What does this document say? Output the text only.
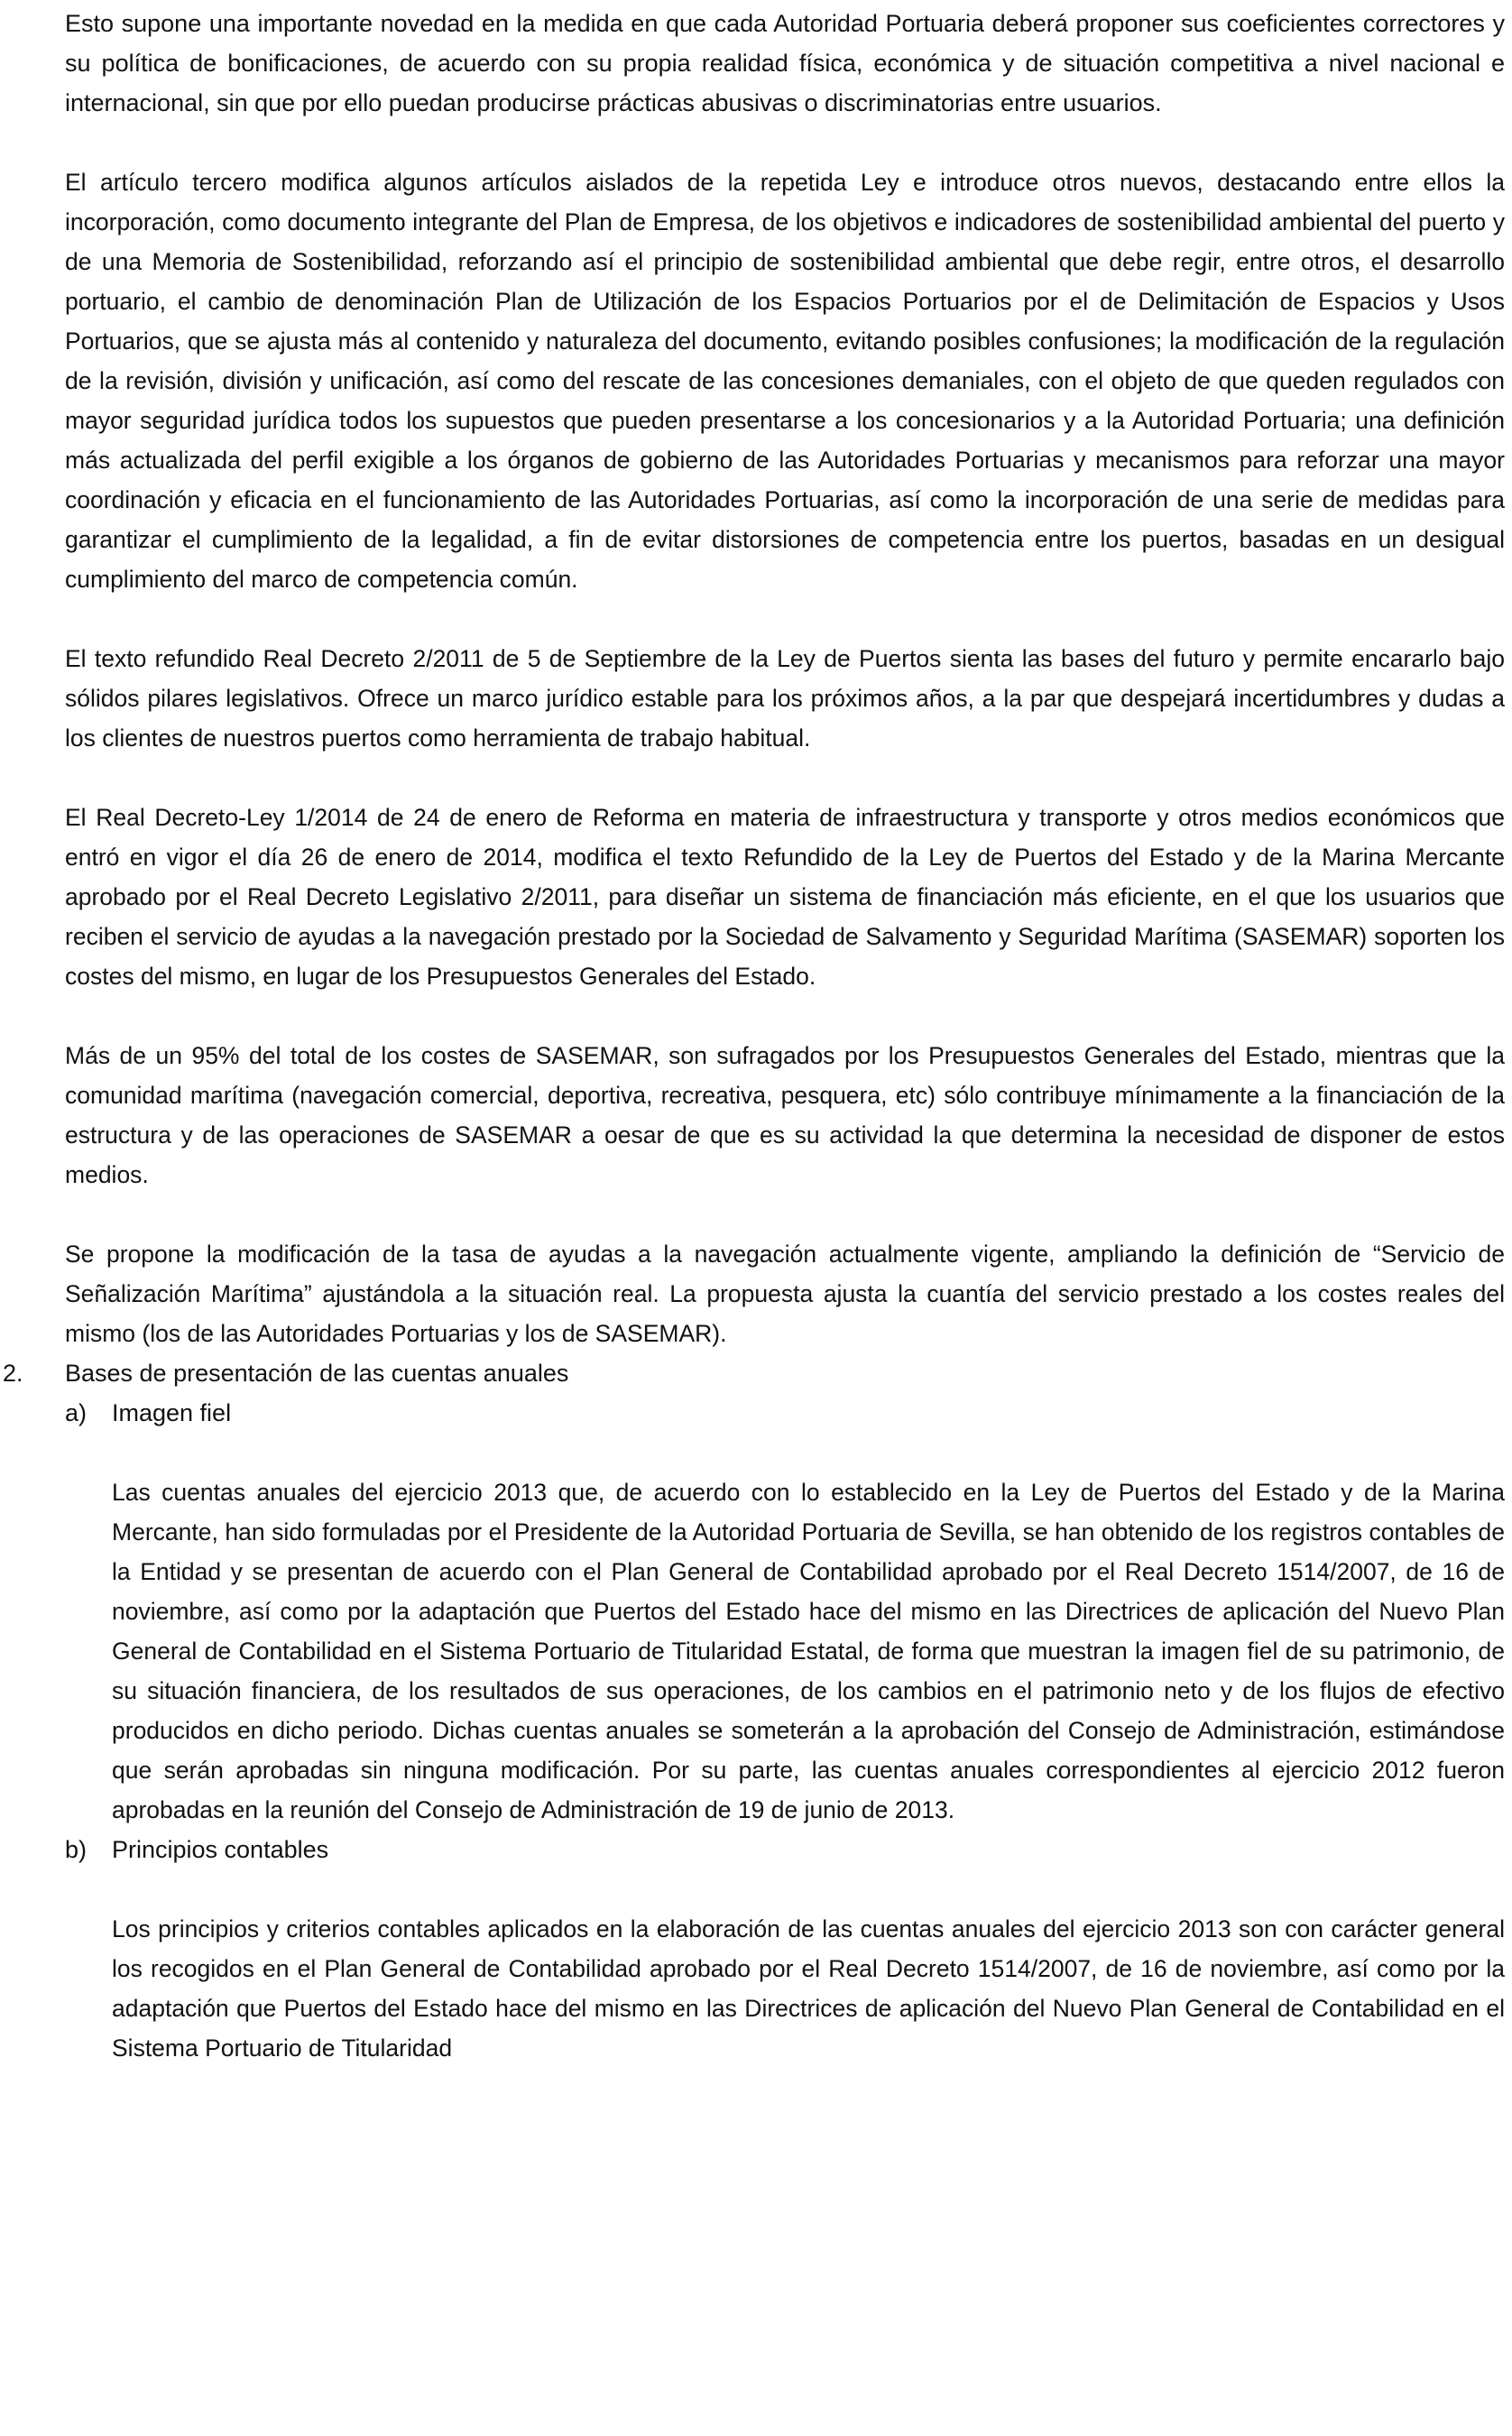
Esto supone una importante novedad en la medida en que cada Autoridad Portuaria deberá proponer sus coeficientes correctores y su política de bonificaciones, de acuerdo con su propia realidad física, económica y de situación competitiva a nivel nacional e internacional, sin que por ello puedan producirse prácticas abusivas o discriminatorias entre usuarios.

El artículo tercero modifica algunos artículos aislados de la repetida Ley e introduce otros nuevos, destacando entre ellos la incorporación, como documento integrante del Plan de Empresa, de los objetivos e indicadores de sostenibilidad ambiental del puerto y de una Memoria de Sostenibilidad, reforzando así el principio de sostenibilidad ambiental que debe regir, entre otros, el desarrollo portuario, el cambio de denominación Plan de Utilización de los Espacios Portuarios por el de Delimitación de Espacios y Usos Portuarios, que se ajusta más al contenido y naturaleza del documento, evitando posibles confusiones; la modificación de la regulación de la revisión, división y unificación, así como del rescate de las concesiones demaniales, con el objeto de que queden regulados con mayor seguridad jurídica todos los supuestos que pueden presentarse a los concesionarios y a la Autoridad Portuaria; una definición más actualizada del perfil exigible a los órganos de gobierno de las Autoridades Portuarias y mecanismos para reforzar una mayor coordinación y eficacia en el funcionamiento de las Autoridades Portuarias, así como la incorporación de una serie de medidas para garantizar el cumplimiento de la legalidad, a fin de evitar distorsiones de competencia entre los puertos, basadas en un desigual cumplimiento del marco de competencia común.

El texto refundido Real Decreto 2/2011 de 5 de Septiembre de la Ley de Puertos sienta las bases del futuro y permite encararlo bajo sólidos pilares legislativos. Ofrece un marco jurídico estable para los próximos años, a la par que despejará incertidumbres y dudas a los clientes de nuestros puertos como herramienta de trabajo habitual.

El Real Decreto-Ley 1/2014 de 24 de enero de Reforma en materia de infraestructura y transporte y otros medios económicos que entró en vigor el día 26 de enero de 2014, modifica el texto Refundido de la Ley de Puertos del Estado y de la Marina Mercante aprobado por el Real Decreto Legislativo 2/2011, para diseñar un sistema de financiación más eficiente, en el que los usuarios que reciben el servicio de ayudas a la navegación prestado por la Sociedad de Salvamento y Seguridad Marítima (SASEMAR) soporten los costes del mismo, en lugar de los Presupuestos Generales del Estado.

Más de un 95% del total de los costes de SASEMAR, son sufragados por los Presupuestos Generales del Estado, mientras que la comunidad marítima (navegación comercial, deportiva, recreativa, pesquera, etc) sólo contribuye mínimamente a la financiación de la estructura y de las operaciones de SASEMAR a oesar de que es su actividad la que determina la necesidad de disponer de estos medios.

Se propone la modificación de la tasa de ayudas a la navegación actualmente vigente, ampliando la definición de “Servicio de Señalización Marítima” ajustándola a la situación real. La propuesta ajusta la cuantía del servicio prestado a los costes reales del mismo (los de las Autoridades Portuarias y los de SASEMAR).

2. Bases de presentación de las cuentas anuales
a) Imagen fiel

Las cuentas anuales del ejercicio 2013 que, de acuerdo con lo establecido en la Ley de Puertos del Estado y de la Marina Mercante, han sido formuladas por el Presidente de la Autoridad Portuaria de Sevilla, se han obtenido de los registros contables de la Entidad y se presentan de acuerdo con el Plan General de Contabilidad aprobado por el Real Decreto 1514/2007, de 16 de noviembre, así como por la adaptación que Puertos del Estado hace del mismo en las Directrices de aplicación del Nuevo Plan General de Contabilidad en el Sistema Portuario de Titularidad Estatal, de forma que muestran la imagen fiel de su patrimonio, de su situación financiera, de los resultados de sus operaciones, de los cambios en el patrimonio neto y de los flujos de efectivo producidos en dicho periodo. Dichas cuentas anuales se someterán a la aprobación del Consejo de Administración, estimándose que serán aprobadas sin ninguna modificación. Por su parte, las cuentas anuales correspondientes al ejercicio 2012 fueron aprobadas en la reunión del Consejo de Administración de 19 de junio de 2013.

b) Principios contables

Los principios y criterios contables aplicados en la elaboración de las cuentas anuales del ejercicio 2013 son con carácter general los recogidos en el Plan General de Contabilidad aprobado por el Real Decreto 1514/2007, de 16 de noviembre, así como por la adaptación que Puertos del Estado hace del mismo en las Directrices de aplicación del Nuevo Plan General de Contabilidad en el Sistema Portuario de Titularidad
